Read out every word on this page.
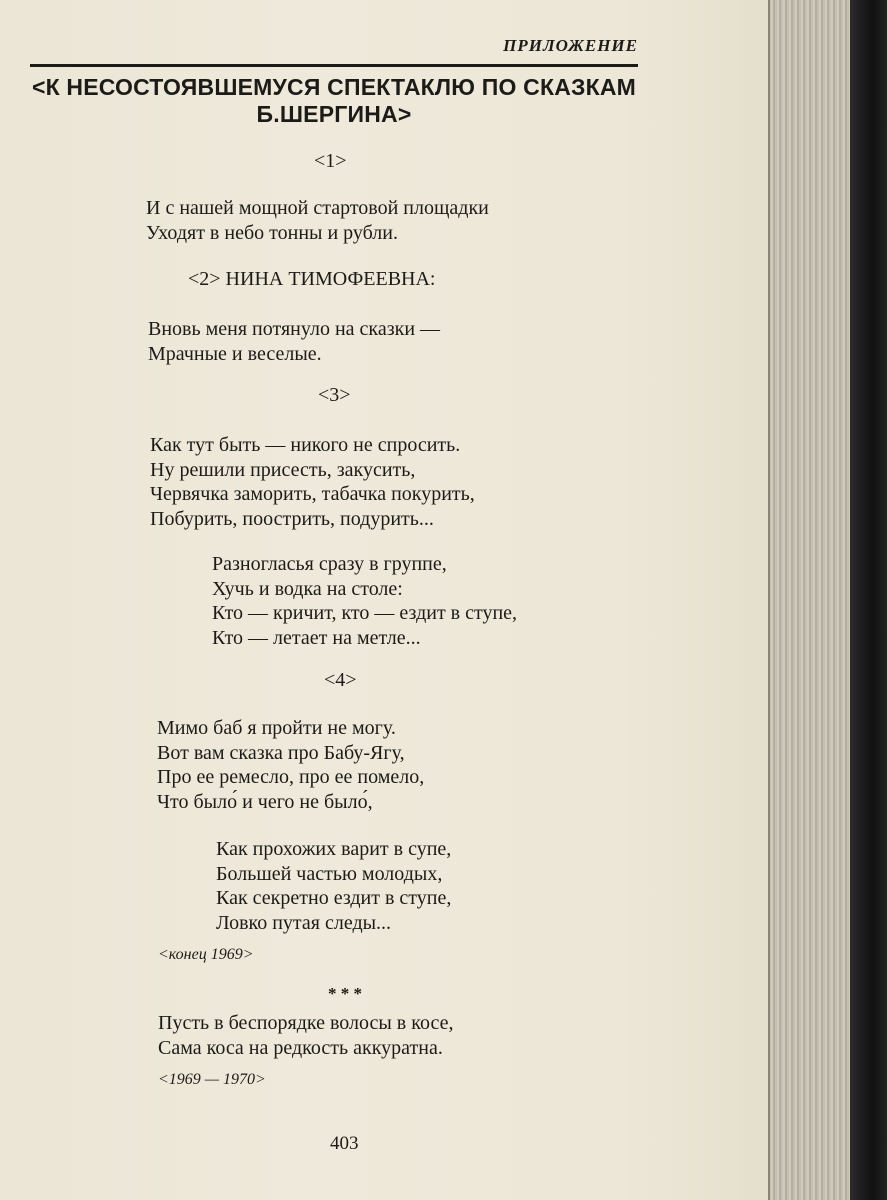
ПРИЛОЖЕНИЕ
<К НЕСОСТОЯВШЕМУСЯ СПЕКТАКЛЮ ПО СКАЗКАМ
Б.ШЕРГИНА>
<1>
И с нашей мощной стартовой площадки
Уходят в небо тонны и рубли.
<2> НИНА ТИМОФЕЕВНА:
Вновь меня потянуло на сказки —
Мрачные и веселые.
<3>
Как тут быть — никого не спросить.
Ну решили присесть, закусить,
Червячка заморить, табачка покурить,
Побурить, поострить, подурить...
Разногласья сразу в группе,
Хучь и водка на столе:
Кто — кричит, кто — ездит в ступе,
Кто — летает на метле...
<4>
Мимо баб я пройти не могу.
Вот вам сказка про Бабу-Ягу,
Про ее ремесло, про ее помело,
Что было́ и чего не было́,
Как прохожих варит в супе,
Большей частью молодых,
Как секретно ездит в ступе,
Ловко путая следы...
<конец 1969>
* * *
Пусть в беспорядке волосы в косе,
Сама коса на редкость аккуратна.
<1969 — 1970>
403
